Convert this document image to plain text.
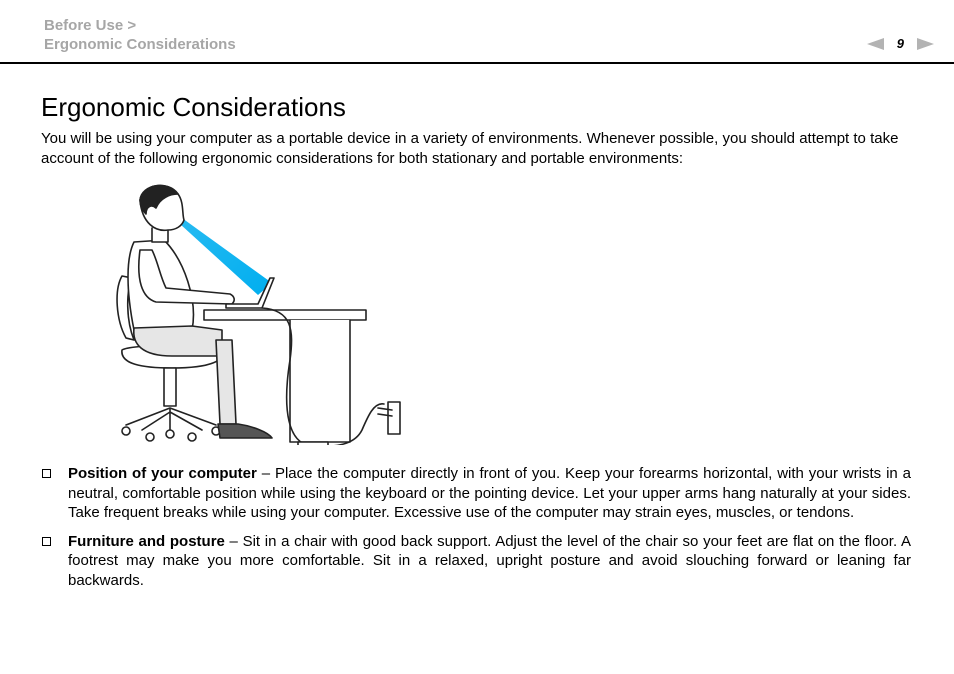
Before Use >
Ergonomic Considerations	9
Ergonomic Considerations

You will be using your computer as a portable device in a variety of environments. Whenever possible, you should attempt to take account of the following ergonomic considerations for both stationary and portable environments:

Position of your computer – Place the computer directly in front of you. Keep your forearms horizontal, with your wrists in a neutral, comfortable position while using the keyboard or the pointing device. Let your upper arms hang naturally at your sides. Take frequent breaks while using your computer. Excessive use of the computer may strain eyes, muscles, or tendons.
Furniture and posture – Sit in a chair with good back support. Adjust the level of the chair so your feet are flat on the floor. A footrest may make you more comfortable. Sit in a relaxed, upright posture and avoid slouching forward or leaning far backwards.
